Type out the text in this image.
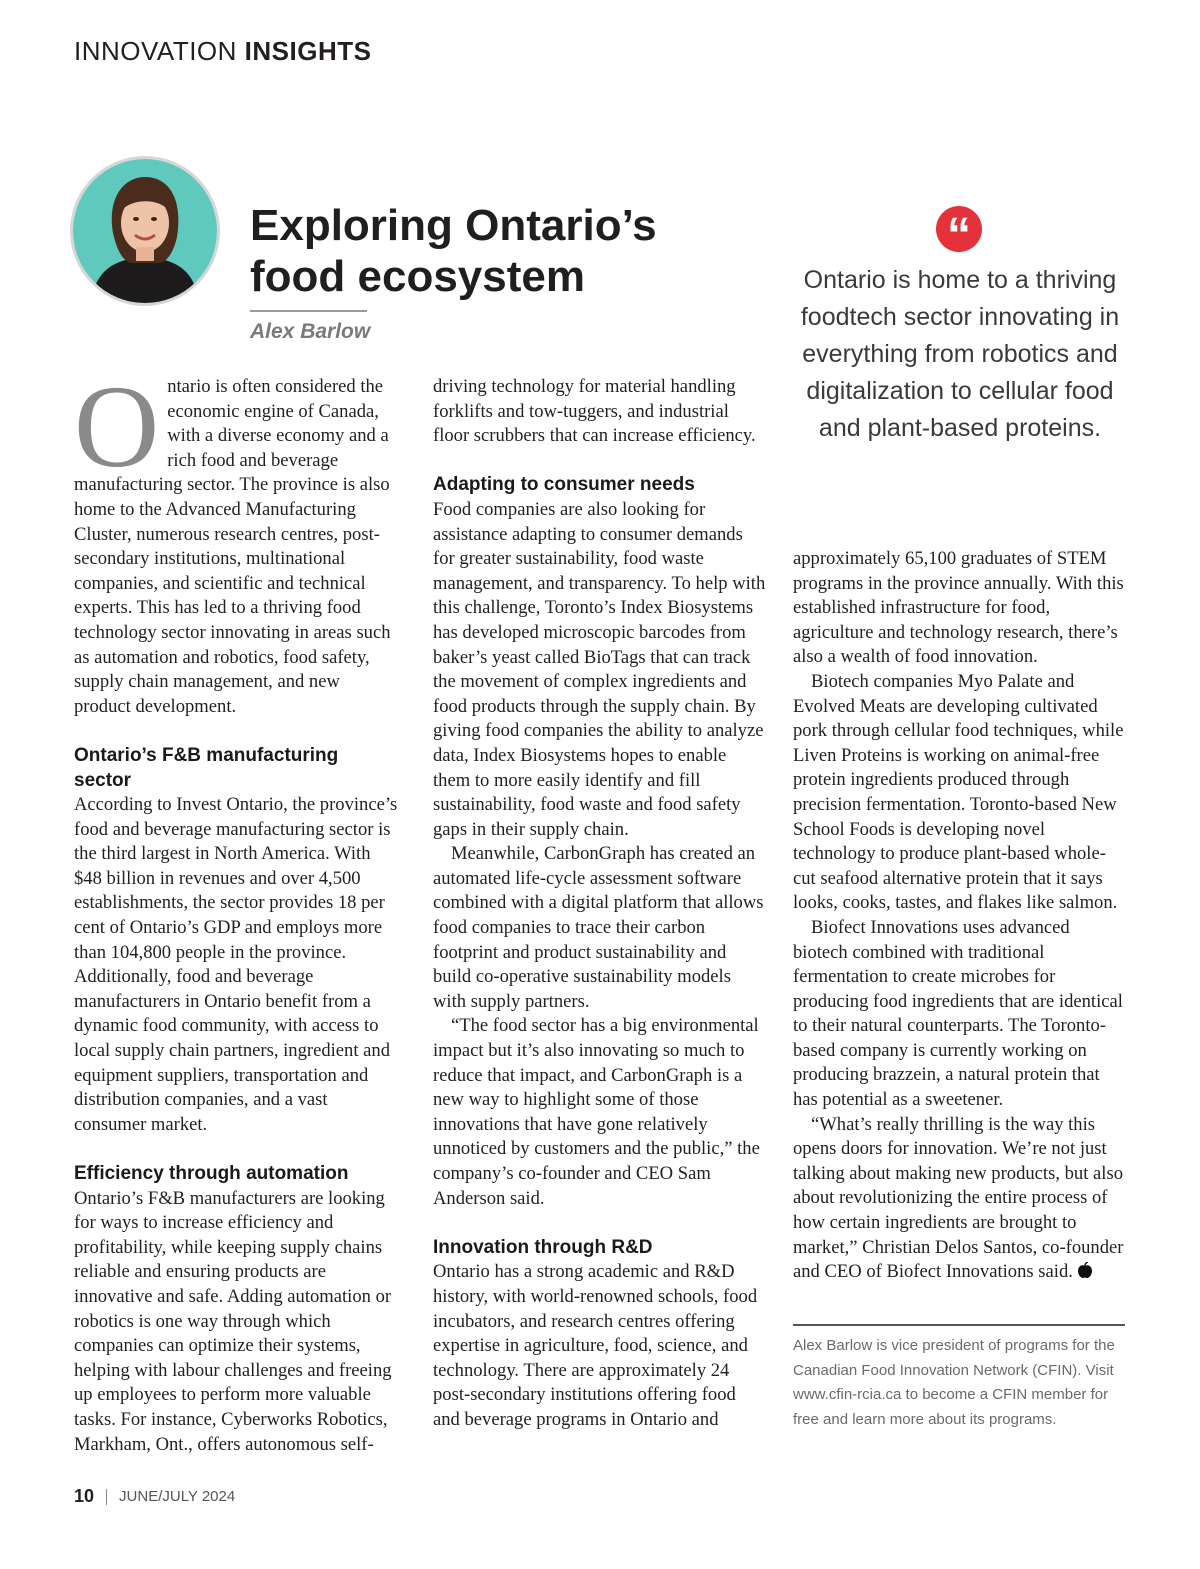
INNOVATION INSIGHTS
Exploring Ontario’s
food ecosystem
Alex Barlow

Ontario is often considered the economic engine of Canada, with a diverse economy and a rich food and beverage manufacturing sector. The province is also home to the Advanced Manufacturing Cluster, numerous research centres, post-secondary institutions, multinational companies, and scientific and technical experts. This has led to a thriving food technology sector innovating in areas such as automation and robotics, food safety, supply chain management, and new product development.

Ontario’s F&B manufacturing sector

According to Invest Ontario, the province’s food and beverage manufacturing sector is the third largest in North America. With $48 billion in revenues and over 4,500 establishments, the sector provides 18 per cent of Ontario’s GDP and employs more than 104,800 people in the province. Additionally, food and beverage manufacturers in Ontario benefit from a dynamic food community, with access to local supply chain partners, ingredient and equipment suppliers, transportation and distribution companies, and a vast consumer market.

Efficiency through automation

Ontario’s F&B manufacturers are looking for ways to increase efficiency and profitability, while keeping supply chains reliable and ensuring products are innovative and safe. Adding automation or robotics is one way through which companies can optimize their systems, helping with labour challenges and freeing up employees to perform more valuable tasks. For instance, Cyberworks Robotics, Markham, Ont., offers autonomous self-

driving technology for material handling forklifts and tow-tuggers, and industrial floor scrubbers that can increase efficiency.

Adapting to consumer needs

Food companies are also looking for assistance adapting to consumer demands for greater sustainability, food waste management, and transparency. To help with this challenge, Toronto’s Index Biosystems has developed microscopic barcodes from baker’s yeast called BioTags that can track the movement of complex ingredients and food products through the supply chain. By giving food companies the ability to analyze data, Index Biosystems hopes to enable them to more easily identify and fill sustainability, food waste and food safety gaps in their supply chain.

Meanwhile, CarbonGraph has created an automated life-cycle assessment software combined with a digital platform that allows food companies to trace their carbon footprint and product sustainability and build co-operative sustainability models with supply partners.

“The food sector has a big environmental impact but it’s also innovating so much to reduce that impact, and CarbonGraph is a new way to highlight some of those innovations that have gone relatively unnoticed by customers and the public,” the company’s co-founder and CEO Sam Anderson said.

Innovation through R&D

Ontario has a strong academic and R&D history, with world-renowned schools, food incubators, and research centres offering expertise in agriculture, food, science, and technology. There are approximately 24 post-secondary institutions offering food and beverage programs in Ontario and

“
Ontario is home to a thriving foodtech sector innovating in everything from robotics and digitalization to cellular food and plant-based proteins.

approximately 65,100 graduates of STEM programs in the province annually. With this established infrastructure for food, agriculture and technology research, there’s also a wealth of food innovation.

Biotech companies Myo Palate and Evolved Meats are developing cultivated pork through cellular food techniques, while Liven Proteins is working on animal-free protein ingredients produced through precision fermentation. Toronto-based New School Foods is developing novel technology to produce plant-based whole-cut seafood alternative protein that it says looks, cooks, tastes, and flakes like salmon.

Biofect Innovations uses advanced biotech combined with traditional fermentation to create microbes for producing food ingredients that are identical to their natural counterparts. The Toronto-based company is currently working on producing brazzein, a natural protein that has potential as a sweetener.

“What’s really thrilling is the way this opens doors for innovation. We’re not just talking about making new products, but also about revolutionizing the entire process of how certain ingredients are brought to market,” Christian Delos Santos, co-founder and CEO of Biofect Innovations said.

Alex Barlow is vice president of programs for the Canadian Food Innovation Network (CFIN). Visit www.cfin-rcia.ca to become a CFIN member for free and learn more about its programs.
10 JUNE/JULY 2024
